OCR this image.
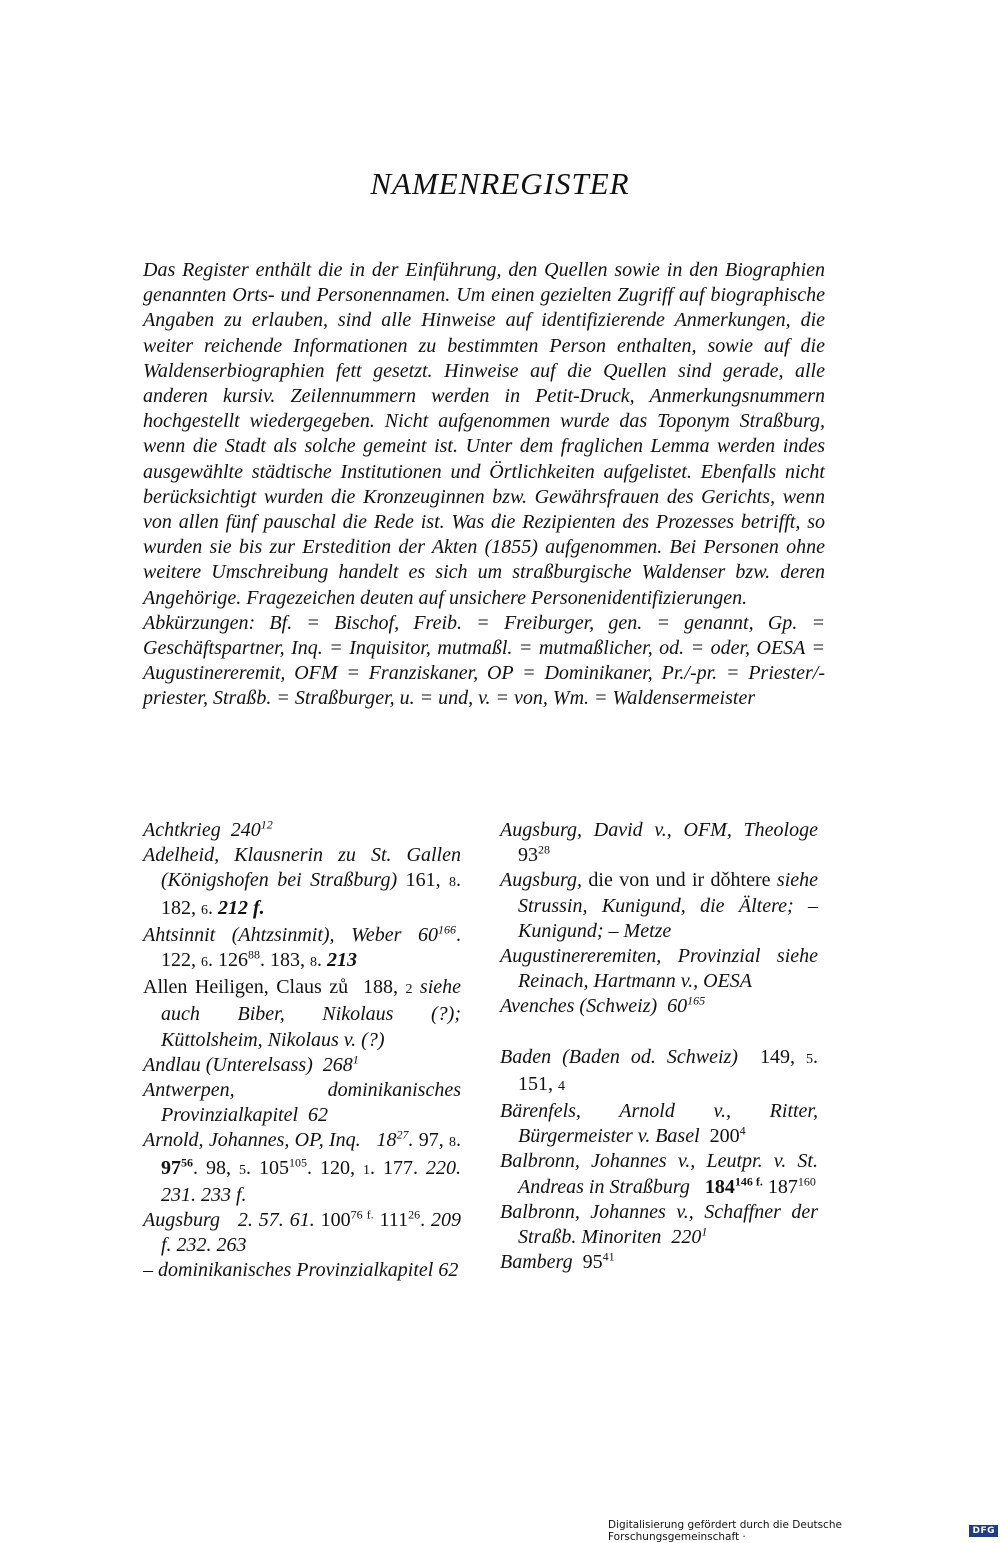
NAMENREGISTER

Das Register enthält die in der Einführung, den Quellen sowie in den Biographien genannten Orts- und Personennamen. Um einen gezielten Zugriff auf biographische Angaben zu erlauben, sind alle Hinweise auf identifizierende Anmerkungen, die weiter reichende Informationen zu bestimmten Person enthalten, sowie auf die Waldenserbiographien fett gesetzt. Hinweise auf die Quellen sind gerade, alle anderen kursiv. Zeilennummern werden in Petit-Druck, Anmerkungsnummern hochgestellt wiedergegeben. Nicht aufgenommen wurde das Toponym Straßburg, wenn die Stadt als solche gemeint ist. Unter dem fraglichen Lemma werden indes ausgewählte städtische Institutionen und Örtlichkeiten aufgelistet. Ebenfalls nicht berücksichtigt wurden die Kronzeuginnen bzw. Gewährsfrauen des Gerichts, wenn von allen fünf pauschal die Rede ist. Was die Rezipienten des Prozesses betrifft, so wurden sie bis zur Erstedition der Akten (1855) aufgenommen. Bei Personen ohne weitere Umschreibung handelt es sich um straßburgische Waldenser bzw. deren Angehörige. Fragezeichen deuten auf unsichere Personenidentifizierungen.

Abkürzungen: Bf. = Bischof, Freib. = Freiburger, gen. = genannt, Gp. = Geschäftspartner, Inq. = Inquisitor, mutmaßl. = mutmaßlicher, od. = oder, OESA = Augustinereremit, OFM = Franziskaner, OP = Dominikaner, Pr./-pr. = Priester/-priester, Straßb. = Straßburger, u. = und, v. = von, Wm. = Waldensermeister

Achtkrieg $240^{12}$

Adelheid, Klausnerin zu St. Gallen (Königshofen bei Straßburg) 161, 8. 182, 6. 212 f.

Ahtsinnit (Ahtzsinmit), Weber $60^{166}$. 122, 6. $126^{88}$. 183, 8. 213

Allen Heiligen, Claus zů 188, 2 siehe auch Biber, Nikolaus (?); Küttolsheim, Nikolaus v. (?)

Andlau (Unterelsass) $268^1$

Antwerpen, dominikanisches Provinzialkapitel 62

Arnold, Johannes, OP, Inq. $18^{27}$. 97, 8. $97^{56}$. 98, 5. $105^{105}$. 120, 1. 177. 220. 231. 233 f.

Augsburg 2. 57. 61. $100^{76 f.}$ $111^{26}$. 209 f. 232. 263

– dominikanisches Provinzialkapitel 62

Augsburg, David v., OFM, Theologe $93^{28}$

Augsburg, die von und ir dǒhtere siehe Strussin, Kunigund, die Ältere; – Kunigund; – Metze

Augustinereremiten, Provinzial siehe Reinach, Hartmann v., OESA

Avenches (Schweiz) $60^{165}$

Baden (Baden od. Schweiz) 149, 5. 151, 4

Bärenfels, Arnold v., Ritter, Bürgermeister v. Basel $200^4$

Balbronn, Johannes v., Leutpr. v. St. Andreas in Straßburg $184^{146 f.}$ $187^{160}$

Balbronn, Johannes v., Schaffner der Straßb. Minoriten $220^1$

Bamberg $95^{41}$

Digitalisierung gefördert durch die Deutsche Forschungsgemeinschaft ·	DFG
